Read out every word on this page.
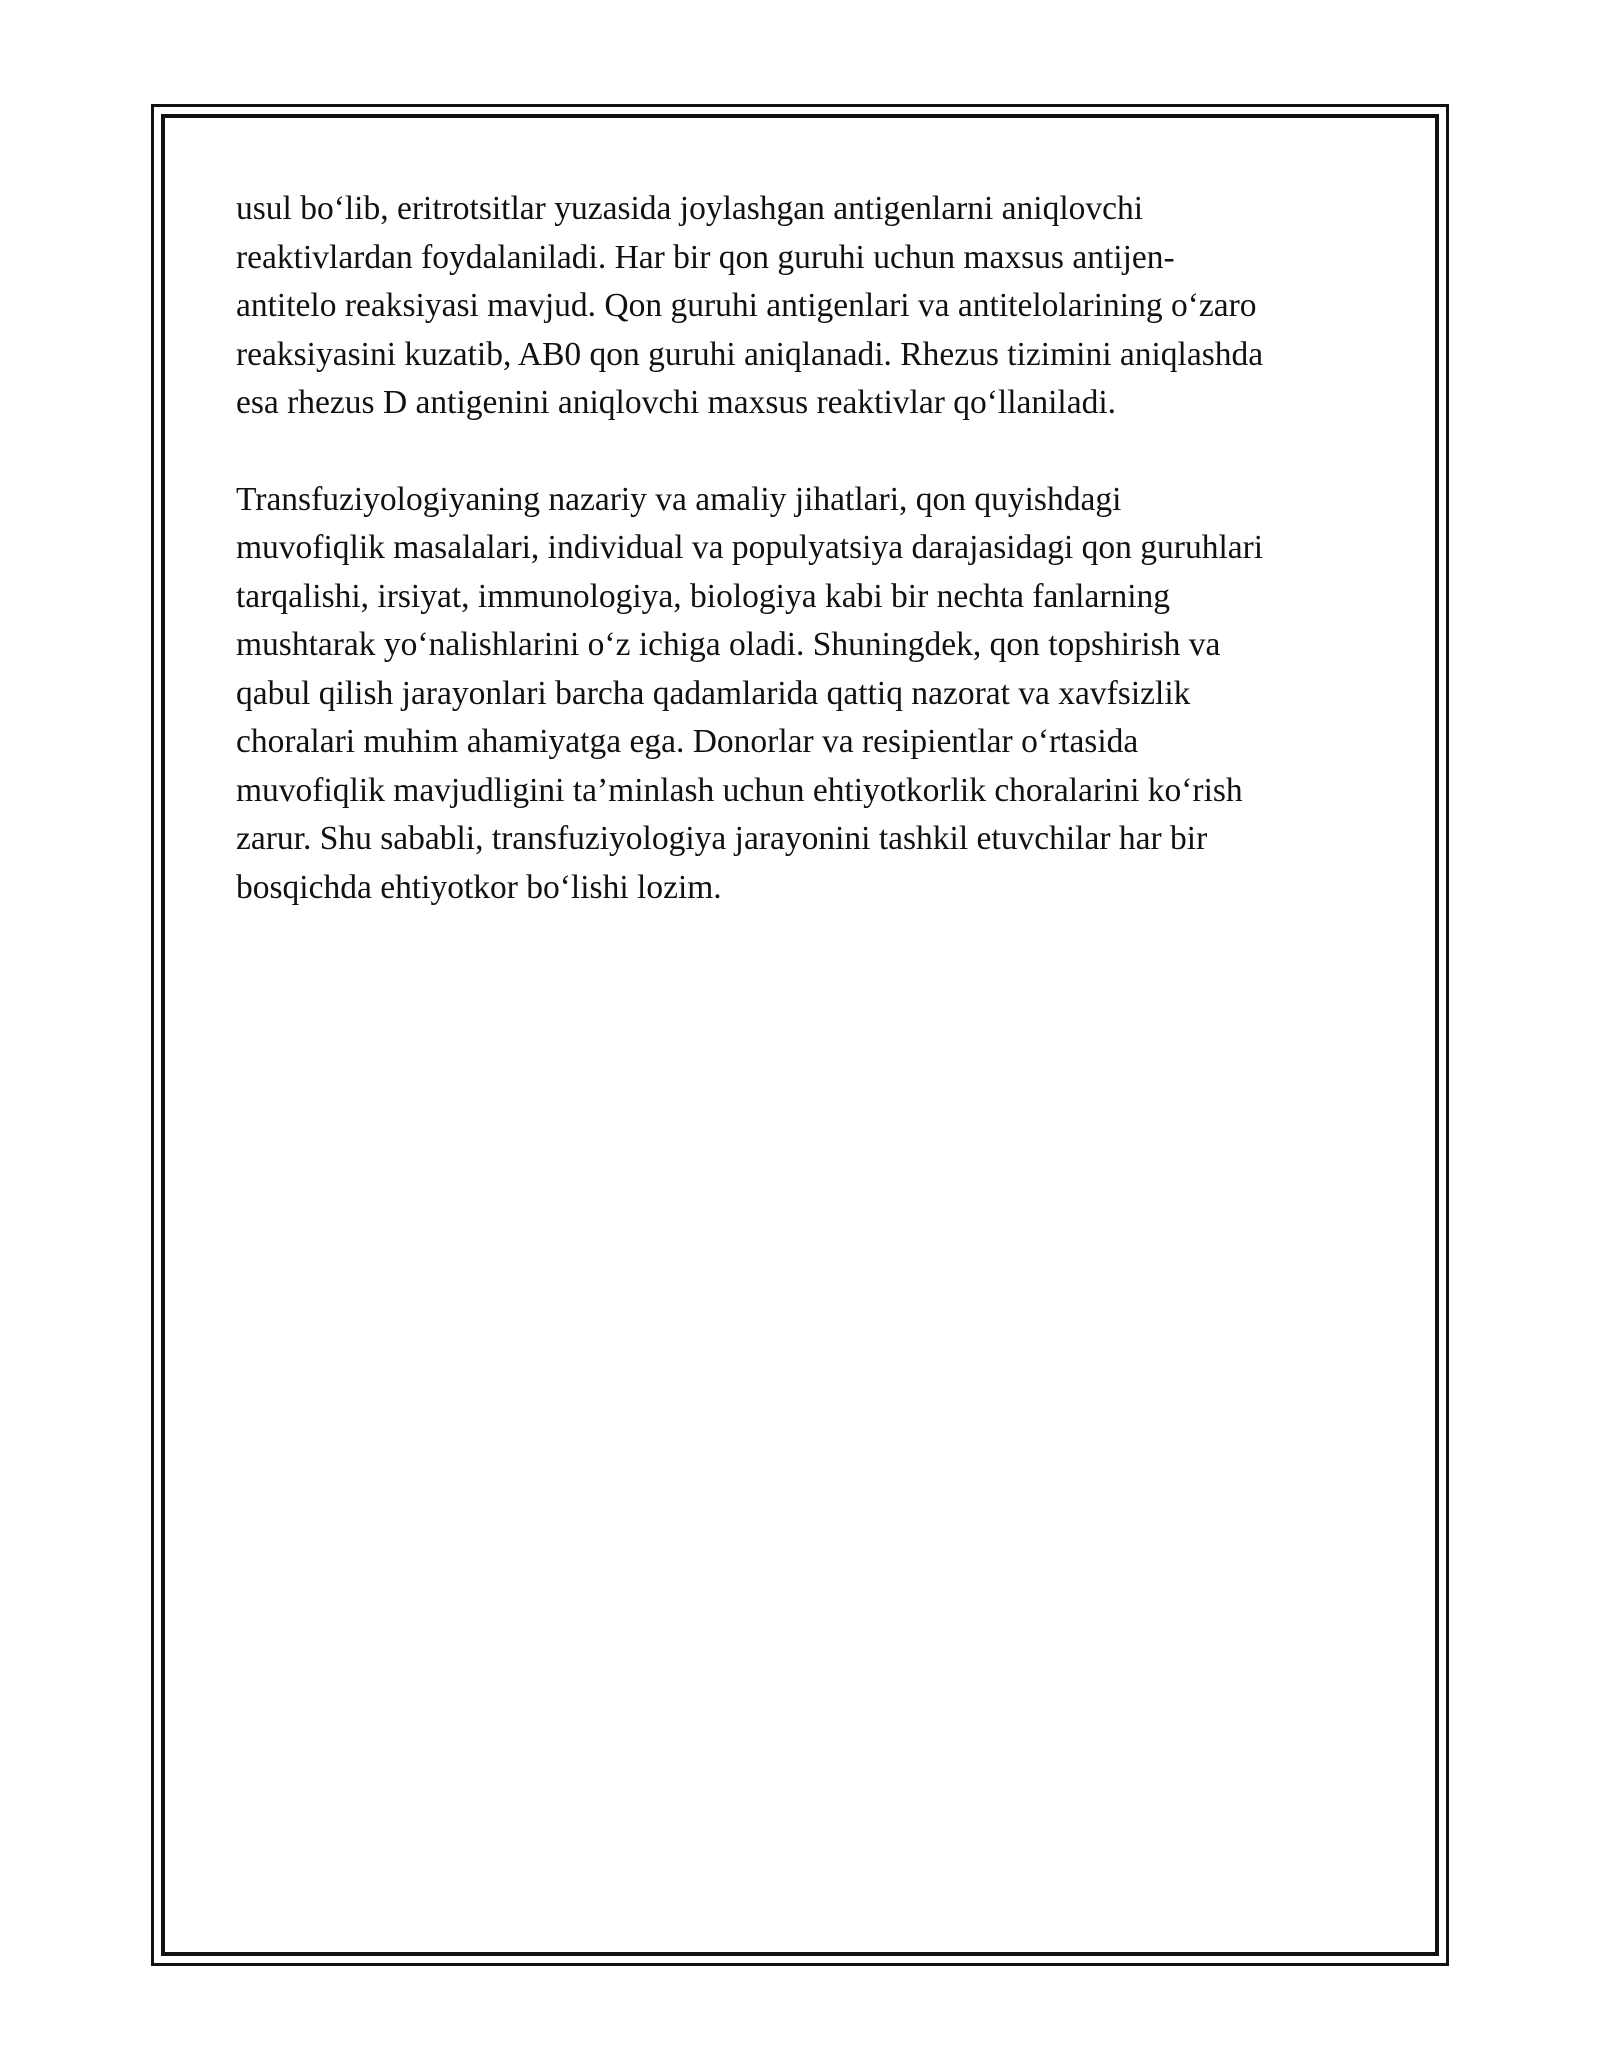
usul bo‘lib, eritrotsitlar yuzasida joylashgan antigenlarni aniqlovchi
reaktivlardan foydalaniladi. Har bir qon guruhi uchun maxsus antijen-
antitelo reaksiyasi mavjud. Qon guruhi antigenlari va antitelolarining o‘zaro
reaksiyasini kuzatib, AB0 qon guruhi aniqlanadi. Rhezus tizimini aniqlashda
esa rhezus D antigenini aniqlovchi maxsus reaktivlar qo‘llaniladi.

Transfuziyologiyaning nazariy va amaliy jihatlari, qon quyishdagi
muvofiqlik masalalari, individual va populyatsiya darajasidagi qon guruhlari
tarqalishi, irsiyat, immunologiya, biologiya kabi bir nechta fanlarning
mushtarak yo‘nalishlarini o‘z ichiga oladi. Shuningdek, qon topshirish va
qabul qilish jarayonlari barcha qadamlarida qattiq nazorat va xavfsizlik
choralari muhim ahamiyatga ega. Donorlar va resipientlar o‘rtasida
muvofiqlik mavjudligini ta’minlash uchun ehtiyotkorlik choralarini ko‘rish
zarur. Shu sababli, transfuziyologiya jarayonini tashkil etuvchilar har bir
bosqichda ehtiyotkor bo‘lishi lozim.
